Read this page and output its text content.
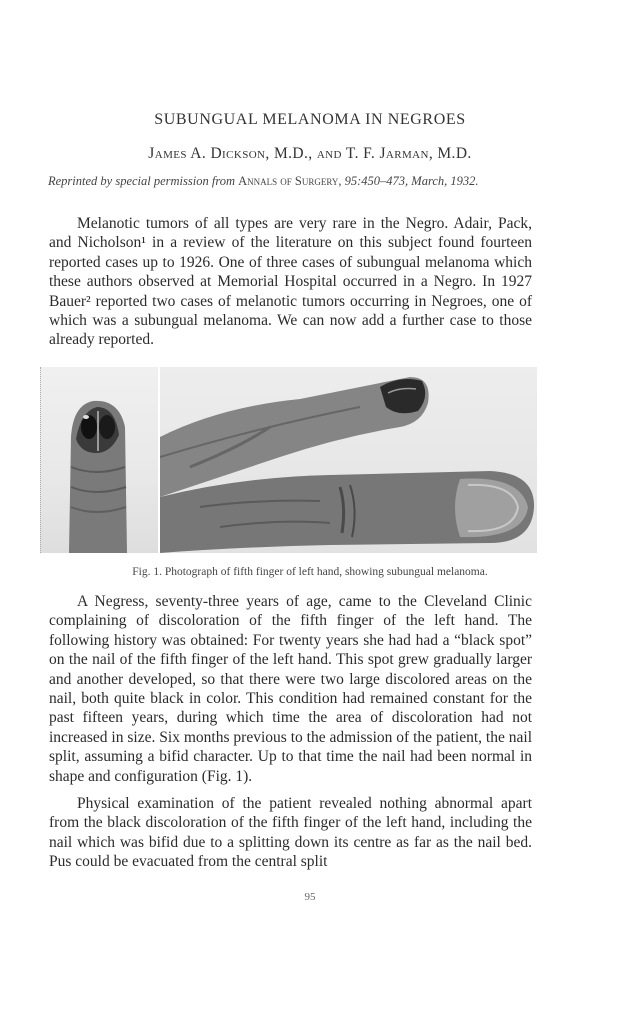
SUBUNGUAL MELANOMA IN NEGROES
James A. Dickson, M.D., and T. F. Jarman, M.D.
Reprinted by special permission from Annals of Surgery, 95:450–473, March, 1932.

Melanotic tumors of all types are very rare in the Negro. Adair, Pack, and Nicholson¹ in a review of the literature on this subject found fourteen reported cases up to 1926. One of three cases of subungual melanoma which these authors observed at Memorial Hospital occurred in a Negro. In 1927 Bauer² reported two cases of melanotic tumors occurring in Negroes, one of which was a subungual melanoma. We can now add a further case to those already reported.

Fig. 1. Photograph of fifth finger of left hand, showing subungual melanoma.

A Negress, seventy-three years of age, came to the Cleveland Clinic complaining of discoloration of the fifth finger of the left hand. The following history was obtained: For twenty years she had had a “black spot” on the nail of the fifth finger of the left hand. This spot grew gradually larger and another developed, so that there were two large discolored areas on the nail, both quite black in color. This condition had remained constant for the past fifteen years, during which time the area of discoloration had not increased in size. Six months previous to the admission of the patient, the nail split, assuming a bifid character. Up to that time the nail had been normal in shape and configuration (Fig. 1).

Physical examination of the patient revealed nothing abnormal apart from the black discoloration of the fifth finger of the left hand, including the nail which was bifid due to a splitting down its centre as far as the nail bed. Pus could be evacuated from the central split

95
